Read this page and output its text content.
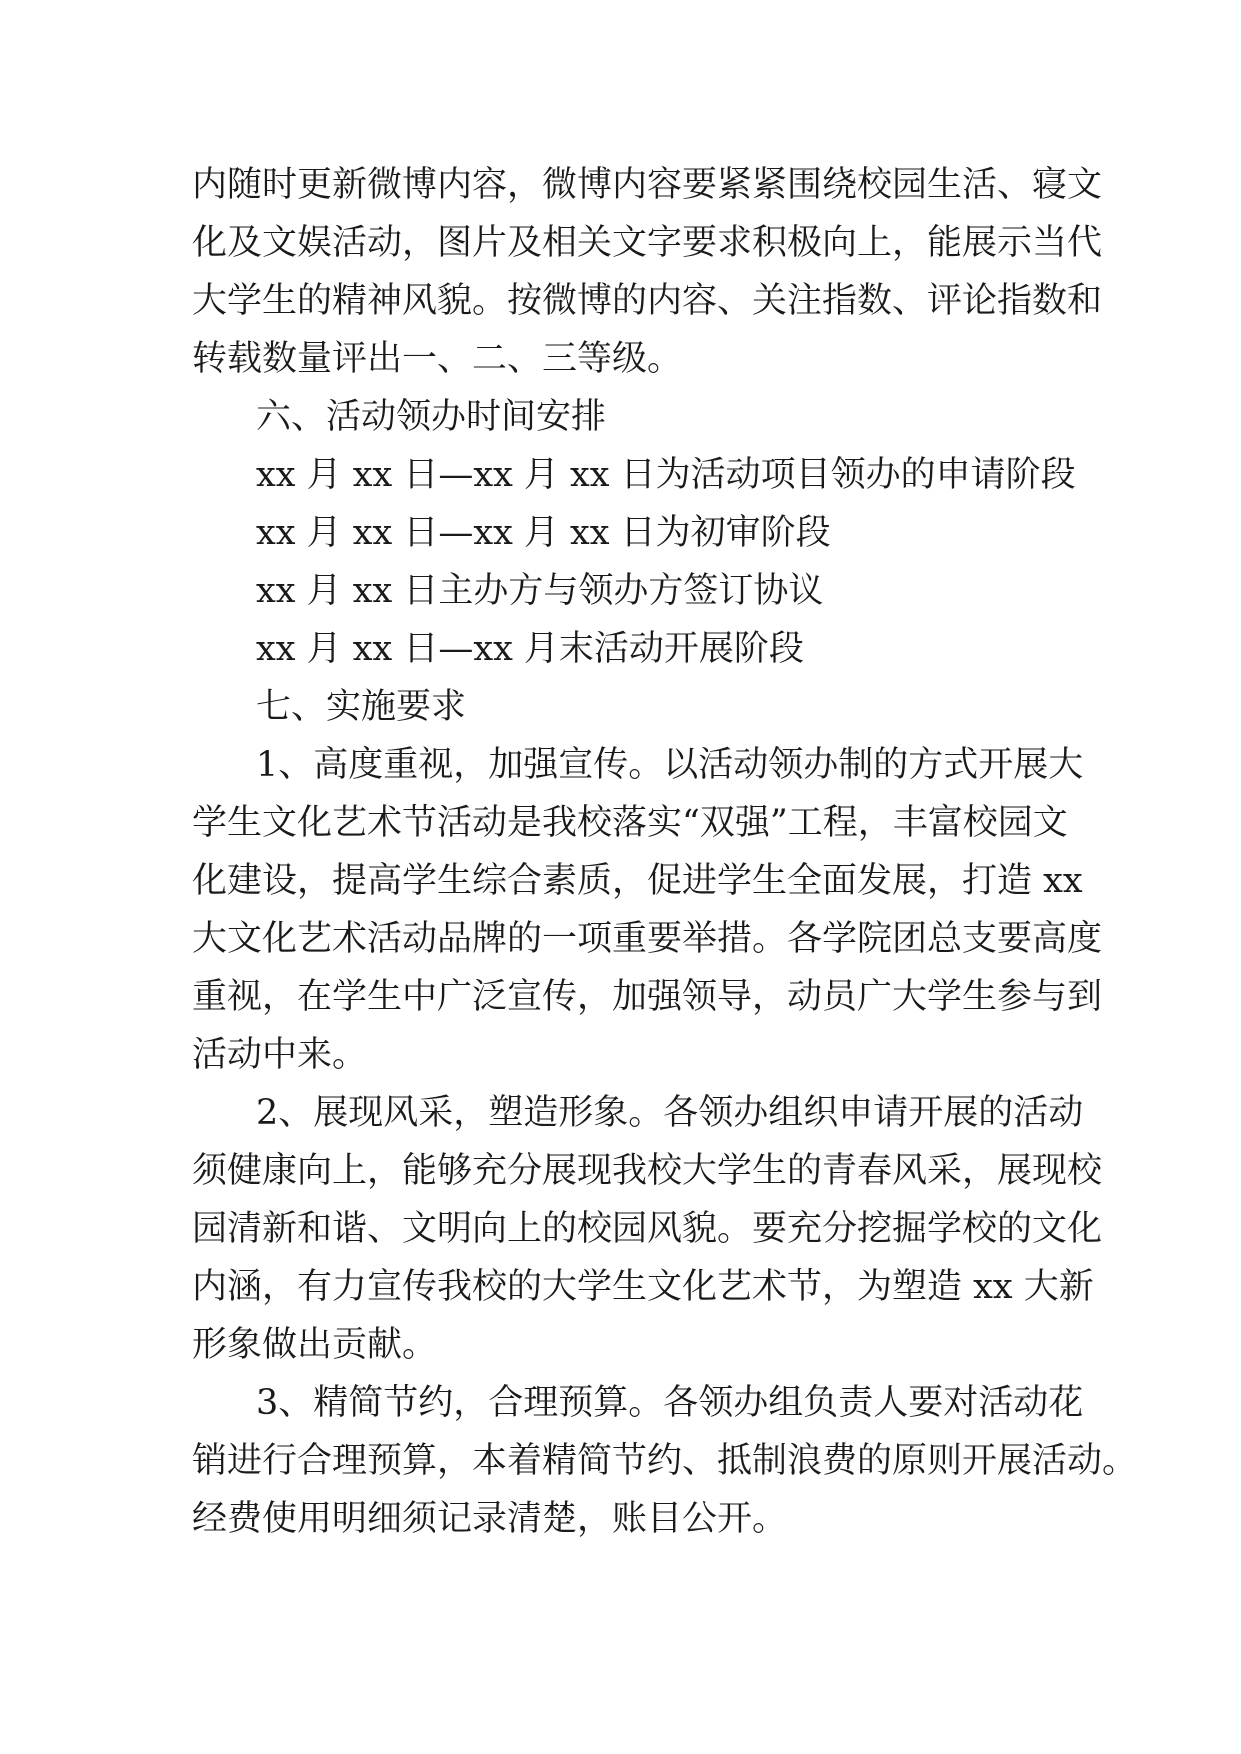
内随时更新微博内容，微博内容要紧紧围绕校园生活、寝文
化及文娱活动，图片及相关文字要求积极向上，能展示当代
大学生的精神风貌。按微博的内容、关注指数、评论指数和
转载数量评出一、二、三等级。
六、活动领办时间安排
xx 月 xx 日—xx 月 xx 日为活动项目领办的申请阶段
xx 月 xx 日—xx 月 xx 日为初审阶段
xx 月 xx 日主办方与领办方签订协议
xx 月 xx 日—xx 月末活动开展阶段
七、实施要求
1、高度重视，加强宣传。以活动领办制的方式开展大
学生文化艺术节活动是我校落实“双强”工程，丰富校园文
化建设，提高学生综合素质，促进学生全面发展，打造 xx
大文化艺术活动品牌的一项重要举措。各学院团总支要高度
重视，在学生中广泛宣传，加强领导，动员广大学生参与到
活动中来。
2、展现风采，塑造形象。各领办组织申请开展的活动
须健康向上，能够充分展现我校大学生的青春风采，展现校
园清新和谐、文明向上的校园风貌。要充分挖掘学校的文化
内涵，有力宣传我校的大学生文化艺术节，为塑造 xx 大新
形象做出贡献。
3、精简节约，合理预算。各领办组负责人要对活动花
销进行合理预算，本着精简节约、抵制浪费的原则开展活动。
经费使用明细须记录清楚，账目公开。
